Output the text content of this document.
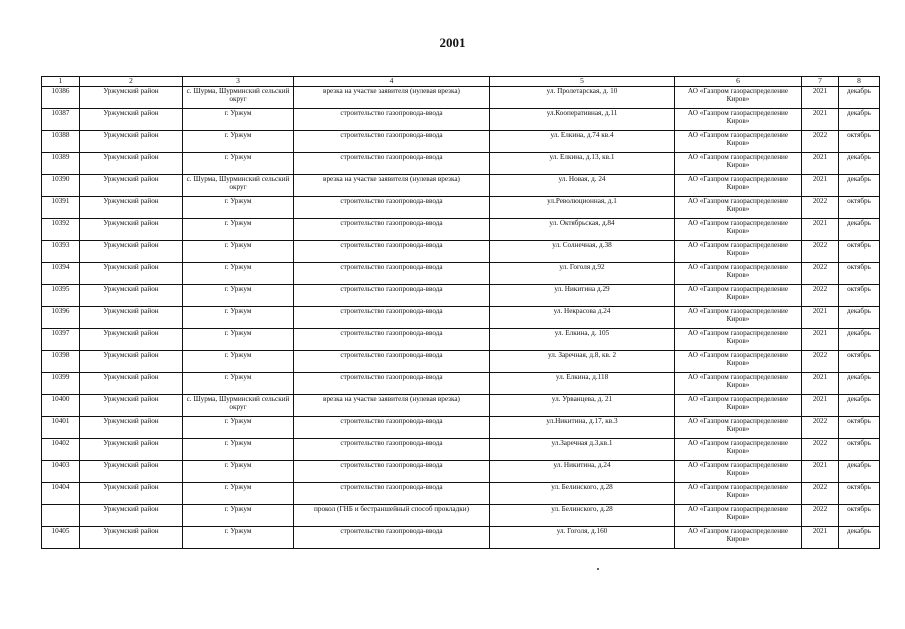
2001
1	2	3	4	5	6	7	8
10386	Уржумский район	с. Шурма, Шурминский сельский округ	врезка на участке заявителя (нулевая врезка)	ул. Пролетарская, д. 10	АО «Газпром газораспределение Киров»	2021	декабрь
10387	Уржумский район	г. Уржум	строительство газопровода-ввода	ул.Кооперативная, д.11	АО «Газпром газораспределение Киров»	2021	декабрь
10388	Уржумский район	г. Уржум	строительство газопровода-ввода	ул. Елкина, д.74 кв.4	АО «Газпром газораспределение Киров»	2022	октябрь
10389	Уржумский район	г. Уржум	строительство газопровода-ввода	ул. Елкина, д.13, кв.1	АО «Газпром газораспределение Киров»	2021	декабрь
10390	Уржумский район	с. Шурма, Шурминский сельский округ	врезка на участке заявителя (нулевая врезка)	ул. Новая, д. 24	АО «Газпром газораспределение Киров»	2021	декабрь
10391	Уржумский район	г. Уржум	строительство газопровода-ввода	ул.Революционная, д.1	АО «Газпром газораспределение Киров»	2022	октябрь
10392	Уржумский район	г. Уржум	строительство газопровода-ввода	ул. Октябрьская, д.84	АО «Газпром газораспределение Киров»	2021	декабрь
10393	Уржумский район	г. Уржум	строительство газопровода-ввода	ул. Солнечная, д.38	АО «Газпром газораспределение Киров»	2022	октябрь
10394	Уржумский район	г. Уржум	строительство газопровода-ввода	ул. Гоголя д.92	АО «Газпром газораспределение Киров»	2022	октябрь
10395	Уржумский район	г. Уржум	строительство газопровода-ввода	ул. Никитина д.29	АО «Газпром газораспределение Киров»	2022	октябрь
10396	Уржумский район	г. Уржум	строительство газопровода-ввода	ул. Некрасова д.24	АО «Газпром газораспределение Киров»	2021	декабрь
10397	Уржумский район	г. Уржум	строительство газопровода-ввода	ул. Елкина, д. 105	АО «Газпром газораспределение Киров»	2021	декабрь
10398	Уржумский район	г. Уржум	строительство газопровода-ввода	ул. Заречная, д.8, кв. 2	АО «Газпром газораспределение Киров»	2022	октябрь
10399	Уржумский район	г. Уржум	строительство газопровода-ввода	ул. Елкина, д.118	АО «Газпром газораспределение Киров»	2021	декабрь
10400	Уржумский район	с. Шурма, Шурминский сельский округ	врезка на участке заявителя (нулевая врезка)	ул. Урванцева, д. 21	АО «Газпром газораспределение Киров»	2021	декабрь
10401	Уржумский район	г. Уржум	строительство газопровода-ввода	ул.Никитина, д.17, кв.3	АО «Газпром газораспределение Киров»	2022	октябрь
10402	Уржумский район	г. Уржум	строительство газопровода-ввода	ул.Заречная д.3,кв.1	АО «Газпром газораспределение Киров»	2022	октябрь
10403	Уржумский район	г. Уржум	строительство газопровода-ввода	ул. Никитина, д.24	АО «Газпром газораспределение Киров»	2021	декабрь
10404	Уржумский район	г. Уржум	строительство газопровода-ввода	ул. Белинского, д.28	АО «Газпром газораспределение Киров»	2022	октябрь
	Уржумский район	г. Уржум	прокол (ГНБ и бестраншейный способ прокладки)	ул. Белинского, д.28	АО «Газпром газораспределение Киров»	2022	октябрь
10405	Уржумский район	г. Уржум	строительство газопровода-ввода	ул. Гоголя, д.160	АО «Газпром газораспределение Киров»	2021	декабрь
